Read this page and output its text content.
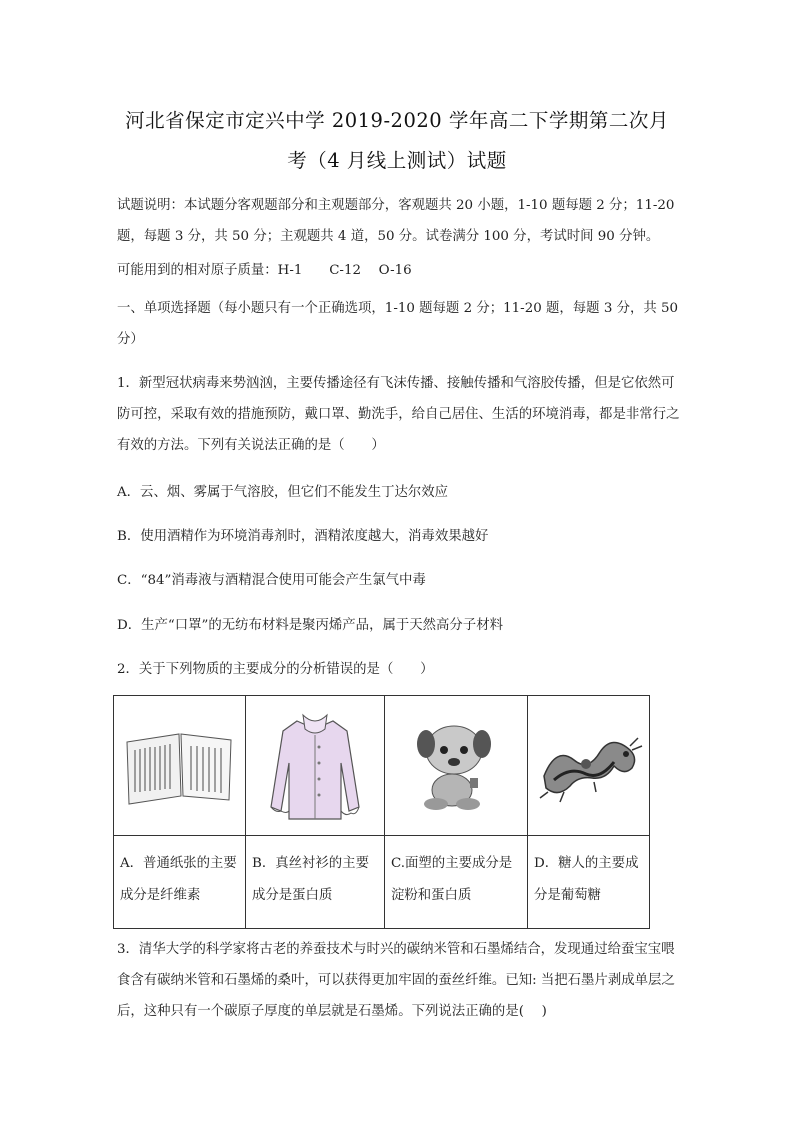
河北省保定市定兴中学 2019-2020 学年高二下学期第二次月
考（4 月线上测试）试题
试题说明：本试题分客观题部分和主观题部分，客观题共 20 小题，1-10 题每题 2 分；11-20 题，每题 3 分，共 50 分；主观题共 4 道，50 分。试卷满分 100 分，考试时间 90 分钟。
可能用到的相对原子质量：H-1　　C-12　 O-16
一、单项选择题（每小题只有一个正确选项，1-10 题每题 2 分；11-20 题，每题 3 分，共 50 分）
1．新型冠状病毒来势汹汹，主要传播途径有飞沫传播、接触传播和气溶胶传播，但是它依然可防可控，采取有效的措施预防，戴口罩、勤洗手，给自己居住、生活的环境消毒，都是非常行之有效的方法。下列有关说法正确的是（　　）
A．云、烟、雾属于气溶胶，但它们不能发生丁达尔效应
B．使用酒精作为环境消毒剂时，酒精浓度越大，消毒效果越好
C．“84”消毒液与酒精混合使用可能会产生氯气中毒
D．生产“口罩”的无纺布材料是聚丙烯产品，属于天然高分子材料
2．关于下列物质的主要成分的分析错误的是（　　）

A．普通纸张的主要成分是纤维素	B．真丝衬衫的主要成分是蛋白质	C.面塑的主要成分是淀粉和蛋白质	D．糖人的主要成分是葡萄糖
3．清华大学的科学家将古老的养蚕技术与时兴的碳纳米管和石墨烯结合，发现通过给蚕宝宝喂食含有碳纳米管和石墨烯的桑叶，可以获得更加牢固的蚕丝纤维。已知: 当把石墨片剥成单层之后，这种只有一个碳原子厚度的单层就是石墨烯。下列说法正确的是(　 )
